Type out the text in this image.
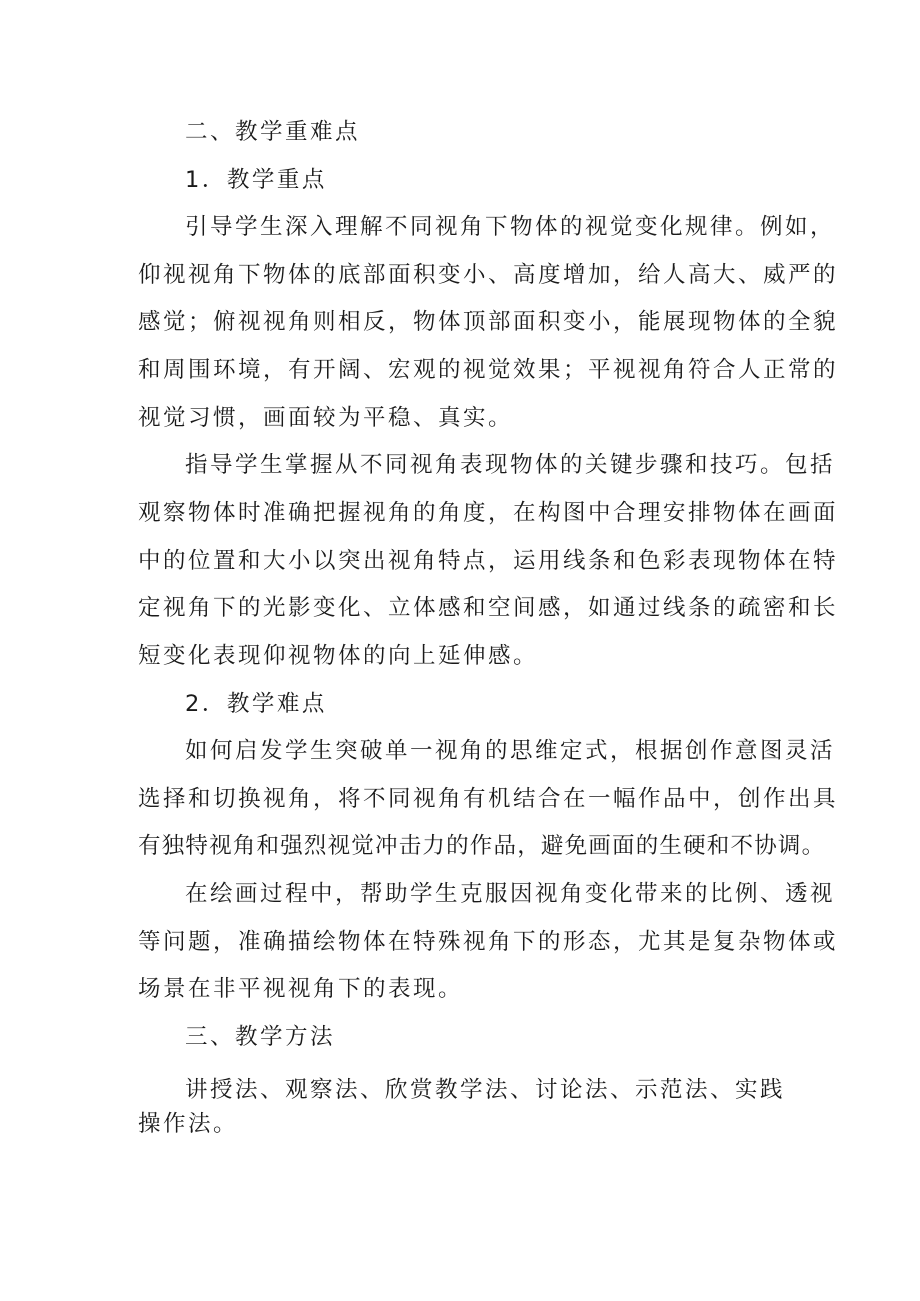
二、教学重难点
1．教学重点
引导学生深入理解不同视角下物体的视觉变化规律。例如，
仰视视角下物体的底部面积变小、高度增加，给人高大、威严的
感觉；俯视视角则相反，物体顶部面积变小，能展现物体的全貌
和周围环境，有开阔、宏观的视觉效果；平视视角符合人正常的
视觉习惯，画面较为平稳、真实。
指导学生掌握从不同视角表现物体的关键步骤和技巧。包括
观察物体时准确把握视角的角度，在构图中合理安排物体在画面
中的位置和大小以突出视角特点，运用线条和色彩表现物体在特
定视角下的光影变化、立体感和空间感，如通过线条的疏密和长
短变化表现仰视物体的向上延伸感。
2．教学难点
如何启发学生突破单一视角的思维定式，根据创作意图灵活
选择和切换视角，将不同视角有机结合在一幅作品中，创作出具
有独特视角和强烈视觉冲击力的作品，避免画面的生硬和不协调。
在绘画过程中，帮助学生克服因视角变化带来的比例、透视
等问题，准确描绘物体在特殊视角下的形态，尤其是复杂物体或
场景在非平视视角下的表现。
三、教学方法
讲授法、观察法、欣赏教学法、讨论法、示范法、实践
操作法。
